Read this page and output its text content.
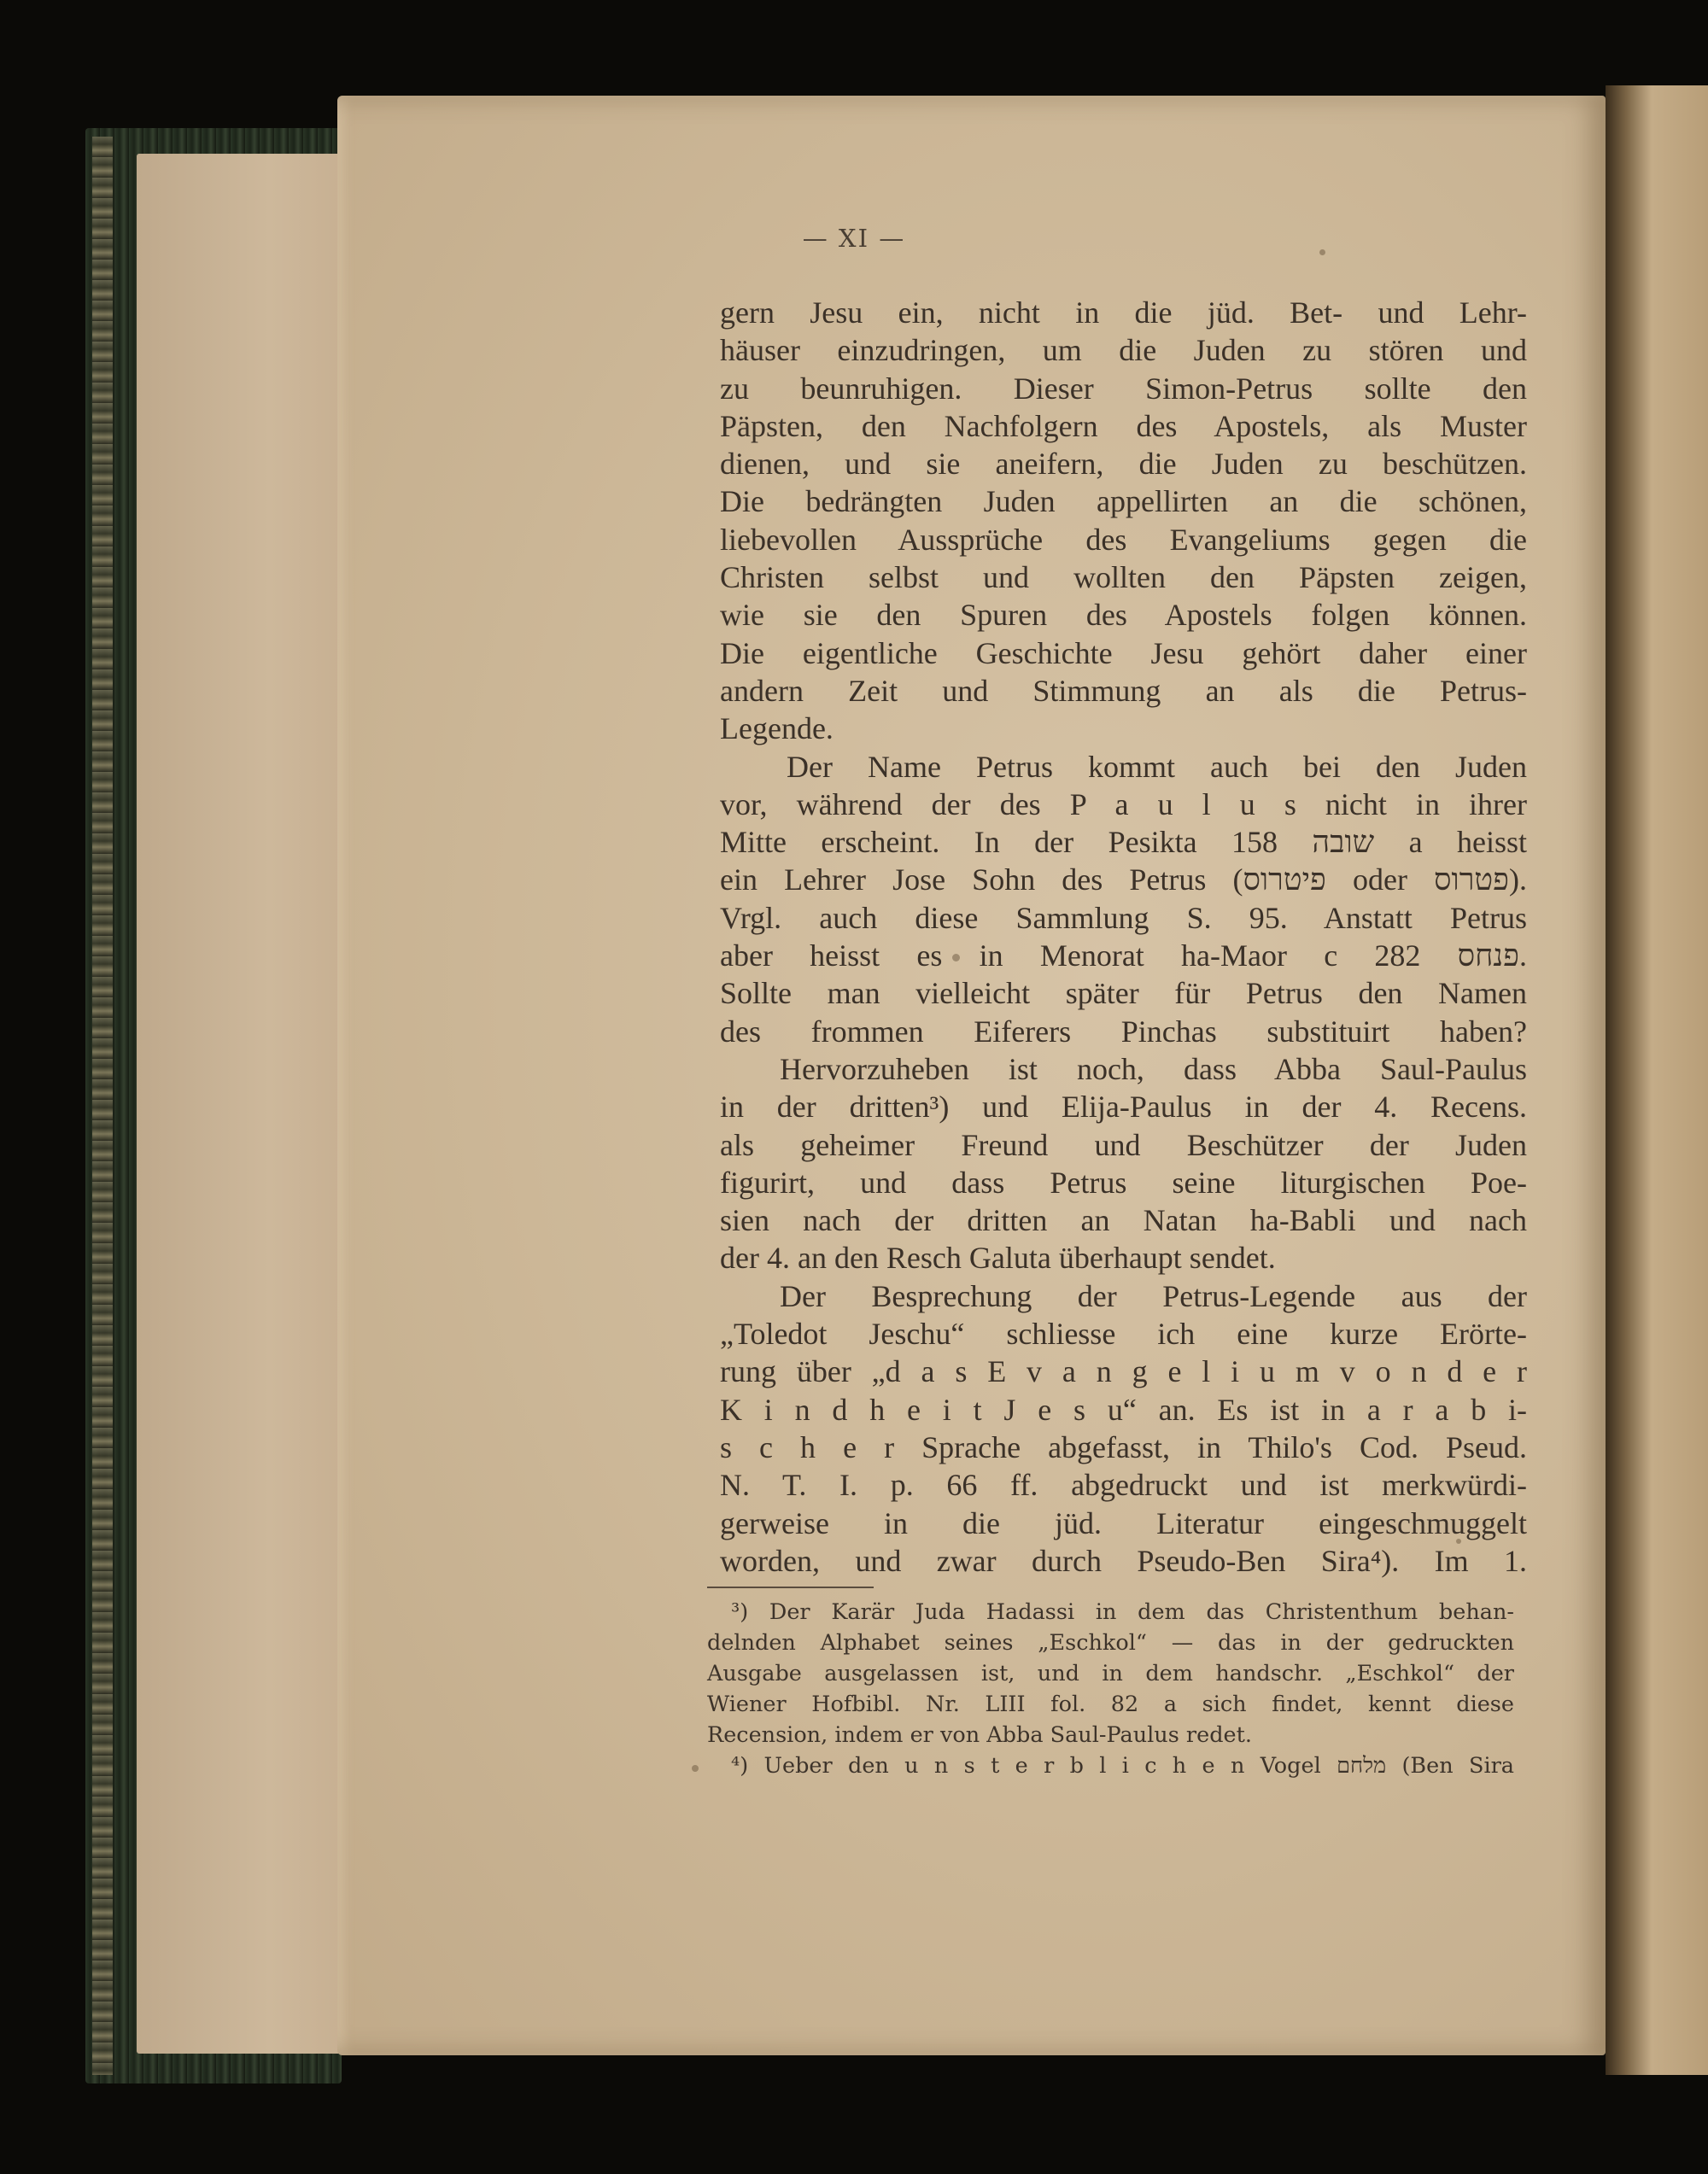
— XI —
gern Jesu ein, nicht in die jüd. Bet- und Lehr-
häuser einzudringen, um die Juden zu stören und
zu beunruhigen. Dieser Simon-Petrus sollte den
Päpsten, den Nachfolgern des Apostels, als Muster
dienen, und sie aneifern, die Juden zu beschützen.
Die bedrängten Juden appellirten an die schönen,
liebevollen Aussprüche des Evangeliums gegen die
Christen selbst und wollten den Päpsten zeigen,
wie sie den Spuren des Apostels folgen können.
Die eigentliche Geschichte Jesu gehört daher einer
andern Zeit und Stimmung an als die Petrus-
Legende.
Der Name Petrus kommt auch bei den Juden
vor, während der des P a u l u s nicht in ihrer
Mitte erscheint. In der Pesikta שובה 158 a heisst
ein Lehrer Jose Sohn des Petrus (פיטרוס oder פטרוס).
Vrgl. auch diese Sammlung S. 95. Anstatt Petrus
aber heisst es in Menorat ha-Maor c 282 פנחס.
Sollte man vielleicht später für Petrus den Namen
des frommen Eiferers Pinchas substituirt haben?
Hervorzuheben ist noch, dass Abba Saul-Paulus
in der dritten³) und Elija-Paulus in der 4. Recens.
als geheimer Freund und Beschützer der Juden
figurirt, und dass Petrus seine liturgischen Poe-
sien nach der dritten an Natan ha-Babli und nach
der 4. an den Resch Galuta überhaupt sendet.
Der Besprechung der Petrus-Legende aus der
„Toledot Jeschu“ schliesse ich eine kurze Erörte-
rung über „d a s E v a n g e l i u m v o n d e r
K i n d h e i t J e s u“ an. Es ist in a r a b i-
s c h e r Sprache abgefasst, in Thilo's Cod. Pseud.
N. T. I. p. 66 ff. abgedruckt und ist merkwürdi-
gerweise in die jüd. Literatur eingeschmuggelt
worden, und zwar durch Pseudo-Ben Sira⁴). Im 1.
³) Der Karär Juda Hadassi in dem das Christenthum behan-
delnden Alphabet seines „Eschkol“ — das in der gedruckten
Ausgabe ausgelassen ist, und in dem handschr. „Eschkol“ der
Wiener Hofbibl. Nr. LIII fol. 82 a sich findet, kennt diese
Recension, indem er von Abba Saul-Paulus redet.
⁴) Ueber den u n s t e r b l i c h e n Vogel מלחם (Ben Sira
